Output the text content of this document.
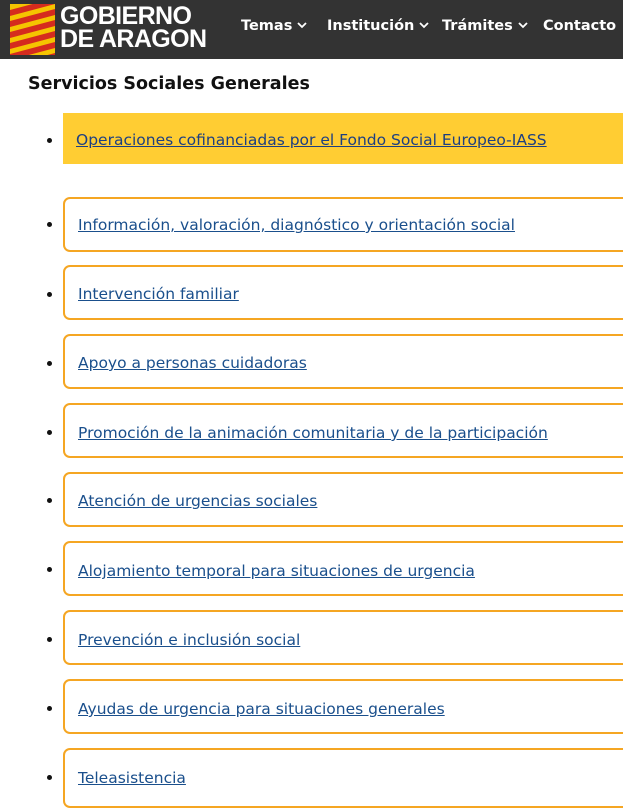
GOBIERNO
DE ARAGON	Temas	Institución	Trámites	Contacto
Servicios Sociales Generales
Operaciones cofinanciadas por el Fondo Social Europeo-IASS
Información, valoración, diagnóstico y orientación social
Intervención familiar
Apoyo a personas cuidadoras
Promoción de la animación comunitaria y de la participación
Atención de urgencias sociales
Alojamiento temporal para situaciones de urgencia
Prevención e inclusión social
Ayudas de urgencia para situaciones generales
Teleasistencia
